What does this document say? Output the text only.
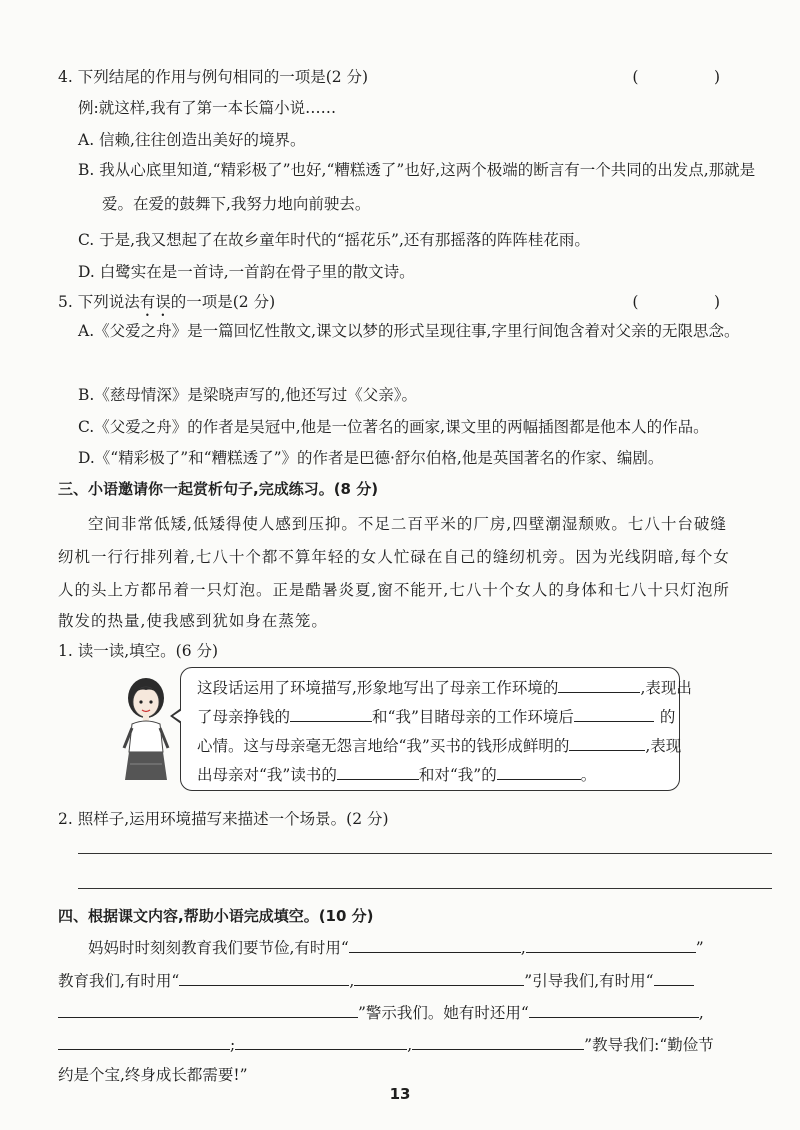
4. 下列结尾的作用与例句相同的一项是(2 分)	(　)
例:就这样,我有了第一本长篇小说……
A. 信赖,往往创造出美好的境界。
B. 我从心底里知道,“精彩极了”也好,“糟糕透了”也好,这两个极端的断言有一个共同的出发点,那就是爱。在爱的鼓舞下,我努力地向前驶去。
C. 于是,我又想起了在故乡童年时代的“摇花乐”,还有那摇落的阵阵桂花雨。
D. 白鹭实在是一首诗,一首韵在骨子里的散文诗。
5. 下列说法有误的一项是(2 分)	(　)
A.《父爱之舟》是一篇回忆性散文,课文以梦的形式呈现往事,字里行间饱含着对父亲的无限思念。
B.《慈母情深》是梁晓声写的,他还写过《父亲》。
C.《父爱之舟》的作者是吴冠中,他是一位著名的画家,课文里的两幅插图都是他本人的作品。
D.《“精彩极了”和“糟糕透了”》的作者是巴德·舒尔伯格,他是英国著名的作家、编剧。
三、小语邀请你一起赏析句子,完成练习。(8 分)
空间非常低矮,低矮得使人感到压抑。不足二百平米的厂房,四壁潮湿颓败。七八十台破缝
纫机一行行排列着,七八十个都不算年轻的女人忙碌在自己的缝纫机旁。因为光线阴暗,每个女
人的头上方都吊着一只灯泡。正是酷暑炎夏,窗不能开,七八十个女人的身体和七八十只灯泡所
散发的热量,使我感到犹如身在蒸笼。
1. 读一读,填空。(6 分)
这段话运用了环境描写,形象地写出了母亲工作环境的	,表现出
了母亲挣钱的	和“我”目睹母亲的工作环境后	的
心情。这与母亲毫无怨言地给“我”买书的钱形成鲜明的	,表现
出母亲对“我”读书的	和对“我”的	。
2. 照样子,运用环境描写来描述一个场景。(2 分)
四、根据课文内容,帮助小语完成填空。(10 分)
妈妈时时刻刻教育我们要节俭,有时用“	,	”
教育我们,有时用“	,	”引导我们,有时用“
”警示我们。她有时还用“	,
;	,	”教导我们:“勤俭节
约是个宝,终身成长都需要!”
13
